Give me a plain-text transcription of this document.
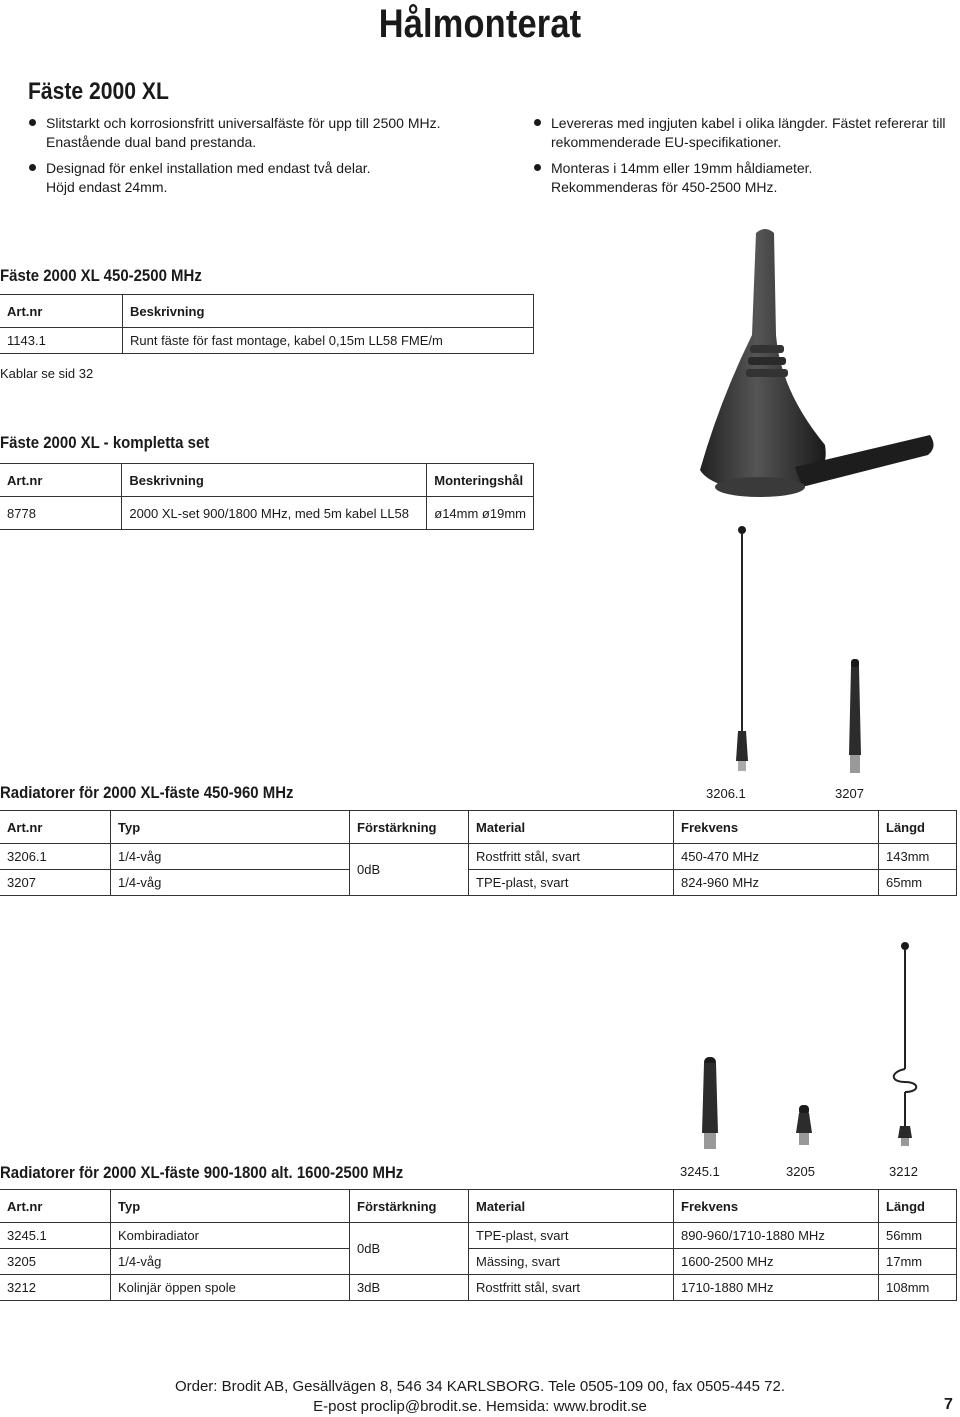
Hålmonterat
Fäste 2000 XL
Slitstarkt och korrosionsfritt universalfäste för upp till 2500 MHz.
Enastående dual band prestanda.
Designad för enkel installation med endast två delar.
Höjd endast 24mm.
Levereras med ingjuten kabel i olika längder. Fästet refererar till
rekommenderade EU-specifikationer.
Monteras i 14mm eller 19mm håldiameter.
Rekommenderas för 450-2500 MHz.
Fäste 2000 XL 450-2500 MHz
Art.nr	Beskrivning
1143.1	Runt fäste för fast montage, kabel 0,15m LL58 FME/m
Kablar se sid 32
Fäste 2000 XL - kompletta set
Art.nr	Beskrivning	Monteringshål
8778	2000 XL-set 900/1800 MHz, med 5m kabel LL58	ø14mm ø19mm
3206.1	3207
Radiatorer för 2000 XL-fäste 450-960 MHz
Art.nr	Typ	Förstärkning	Material	Frekvens	Längd
3206.1	1/4-våg	0dB	Rostfritt stål, svart	450-470 MHz	143mm
3207	1/4-våg		TPE-plast, svart	824-960 MHz	65mm
3245.1	3205	3212
Radiatorer för 2000 XL-fäste 900-1800 alt. 1600-2500 MHz
Art.nr	Typ	Förstärkning	Material	Frekvens	Längd
3245.1	Kombiradiator	0dB	TPE-plast, svart	890-960/1710-1880 MHz	56mm
3205	1/4-våg		Mässing, svart	1600-2500 MHz	17mm
3212	Kolinjär öppen spole	3dB	Rostfritt stål, svart	1710-1880 MHz	108mm
Order: Brodit AB, Gesällvägen 8, 546 34 KARLSBORG. Tele 0505-109 00, fax 0505-445 72.
E-post proclip@brodit.se. Hemsida: www.brodit.se	7
